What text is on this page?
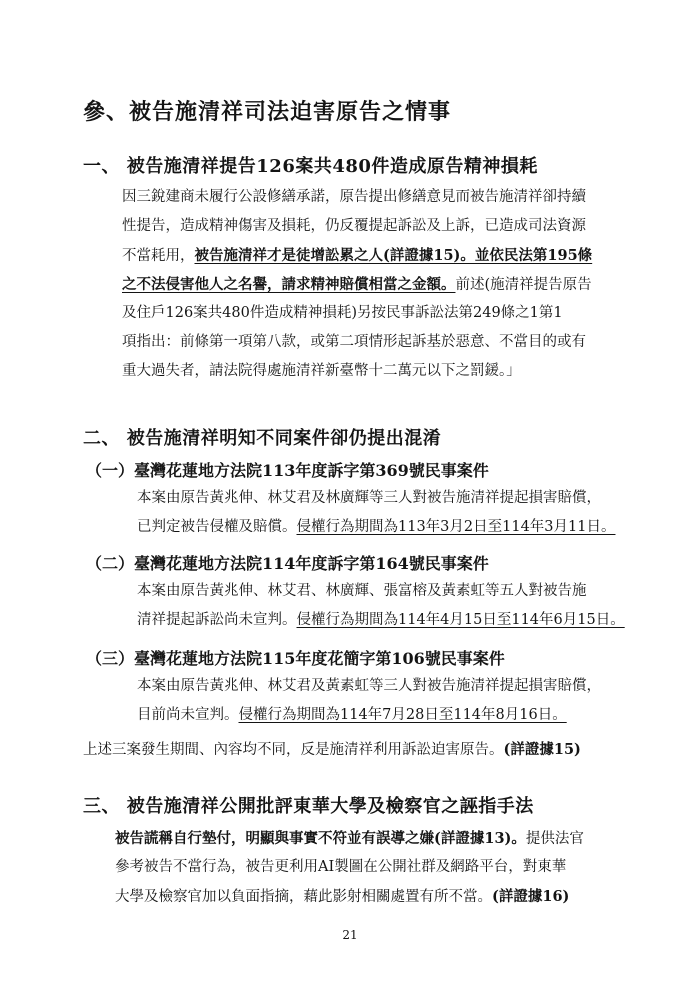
參、被告施清祥司法迫害原告之情事
一、 被告施清祥提告126案共480件造成原告精神損耗
因三銳建商未履行公設修繕承諾，原告提出修繕意見而被告施清祥卻持續
性提告，造成精神傷害及損耗，仍反覆提起訴訟及上訴，已造成司法資源
不當耗用，被告施清祥才是徒增訟累之人(詳證據15)。並依民法第195條
之不法侵害他人之名譽，請求精神賠償相當之金額。前述(施清祥提告原告
及住戶126案共480件造成精神損耗)另按民事訴訟法第249條之1第1
項指出：前條第一項第八款，或第二項情形起訴基於惡意、不當目的或有
重大過失者，請法院得處施清祥新臺幣十二萬元以下之罰鍰。」
二、 被告施清祥明知不同案件卻仍提出混淆
（一）臺灣花蓮地方法院113年度訴字第369號民事案件
本案由原告黃兆伸、林艾君及林廣輝等三人對被告施清祥提起損害賠償，
已判定被告侵權及賠償。侵權行為期間為113年3月2日至114年3月11日。
（二）臺灣花蓮地方法院114年度訴字第164號民事案件
本案由原告黃兆伸、林艾君、林廣輝、張富榕及黃素虹等五人對被告施
清祥提起訴訟尚未宣判。侵權行為期間為114年4月15日至114年6月15日。
（三）臺灣花蓮地方法院115年度花簡字第106號民事案件
本案由原告黃兆伸、林艾君及黃素虹等三人對被告施清祥提起損害賠償，
目前尚未宣判。侵權行為期間為114年7月28日至114年8月16日。
上述三案發生期間、內容均不同，反是施清祥利用訴訟迫害原告。(詳證據15)
三、 被告施清祥公開批評東華大學及檢察官之誣指手法
被告謊稱自行墊付，明顯與事實不符並有誤導之嫌(詳證據13)。提供法官
參考被告不當行為，被告更利用AI製圖在公開社群及網路平台，對東華
大學及檢察官加以負面指摘，藉此影射相關處置有所不當。(詳證據16)
21
